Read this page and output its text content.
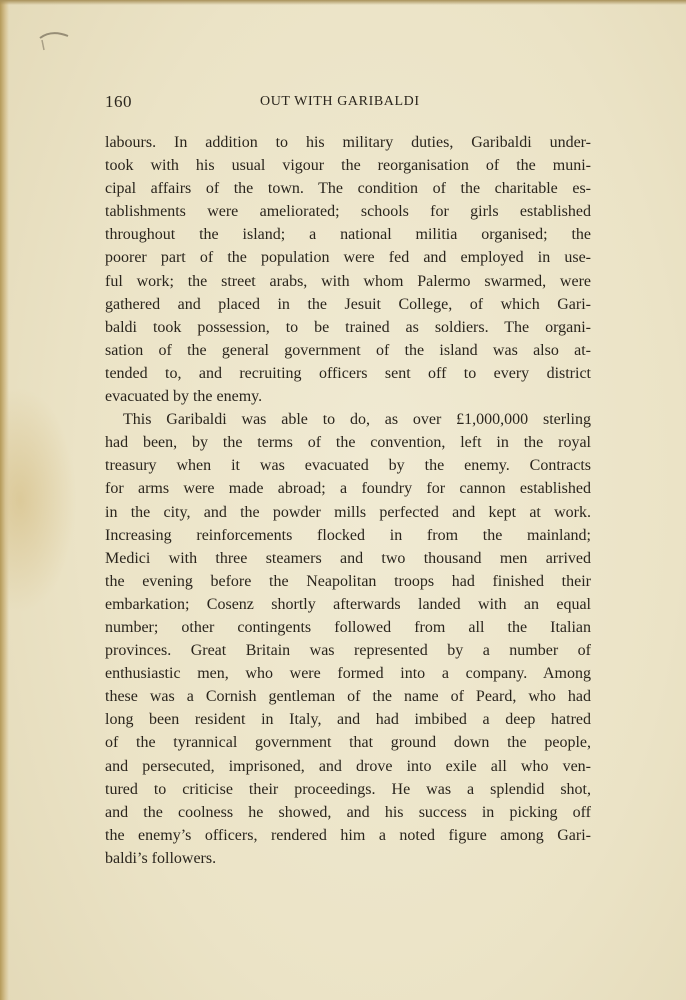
160	OUT WITH GARIBALDI
labours. In addition to his military duties, Garibaldi under-
took with his usual vigour the reorganisation of the muni-
cipal affairs of the town. The condition of the charitable es-
tablishments were ameliorated; schools for girls established
throughout the island; a national militia organised; the
poorer part of the population were fed and employed in use-
ful work; the street arabs, with whom Palermo swarmed, were
gathered and placed in the Jesuit College, of which Gari-
baldi took possession, to be trained as soldiers. The organi-
sation of the general government of the island was also at-
tended to, and recruiting officers sent off to every district
evacuated by the enemy.
This Garibaldi was able to do, as over £1,000,000 sterling
had been, by the terms of the convention, left in the royal
treasury when it was evacuated by the enemy. Contracts
for arms were made abroad; a foundry for cannon established
in the city, and the powder mills perfected and kept at work.
Increasing reinforcements flocked in from the mainland;
Medici with three steamers and two thousand men arrived
the evening before the Neapolitan troops had finished their
embarkation; Cosenz shortly afterwards landed with an equal
number; other contingents followed from all the Italian
provinces. Great Britain was represented by a number of
enthusiastic men, who were formed into a company. Among
these was a Cornish gentleman of the name of Peard, who had
long been resident in Italy, and had imbibed a deep hatred
of the tyrannical government that ground down the people,
and persecuted, imprisoned, and drove into exile all who ven-
tured to criticise their proceedings. He was a splendid shot,
and the coolness he showed, and his success in picking off
the enemy’s officers, rendered him a noted figure among Gari-
baldi’s followers.
